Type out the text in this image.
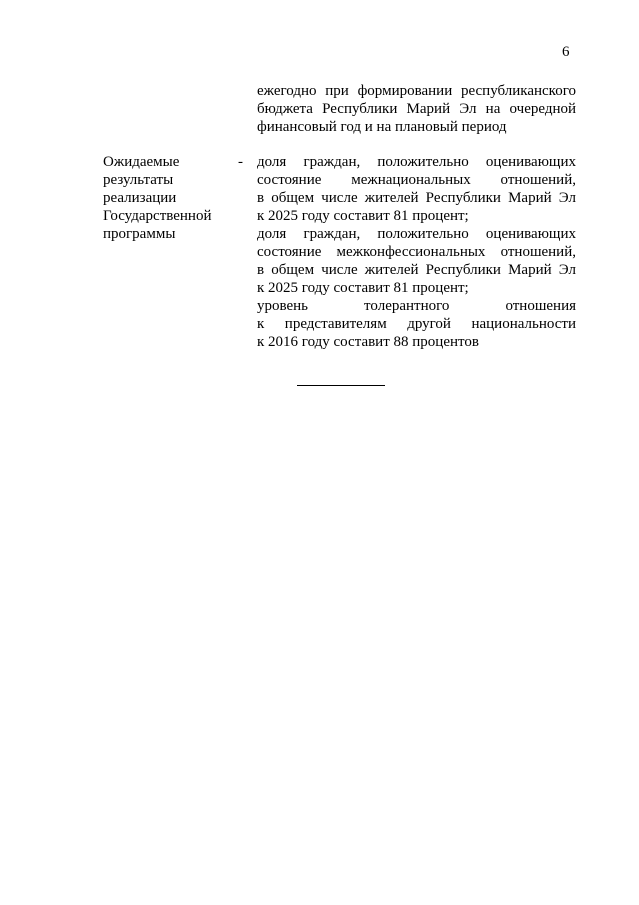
6
ежегодно при формировании республиканского
бюджета Республики Марий Эл на очередной
финансовый год и на плановый период
Ожидаемые
результаты
реализации
Государственной
программы
- доля граждан, положительно оценивающих
состояние межнациональных отношений,
в общем числе жителей Республики Марий Эл
к 2025 году составит 81 процент;
доля граждан, положительно оценивающих
состояние межконфессиональных отношений,
в общем числе жителей Республики Марий Эл
к 2025 году составит 81 процент;
уровень толерантного отношения
к представителям другой национальности
к 2016 году составит 88 процентов
